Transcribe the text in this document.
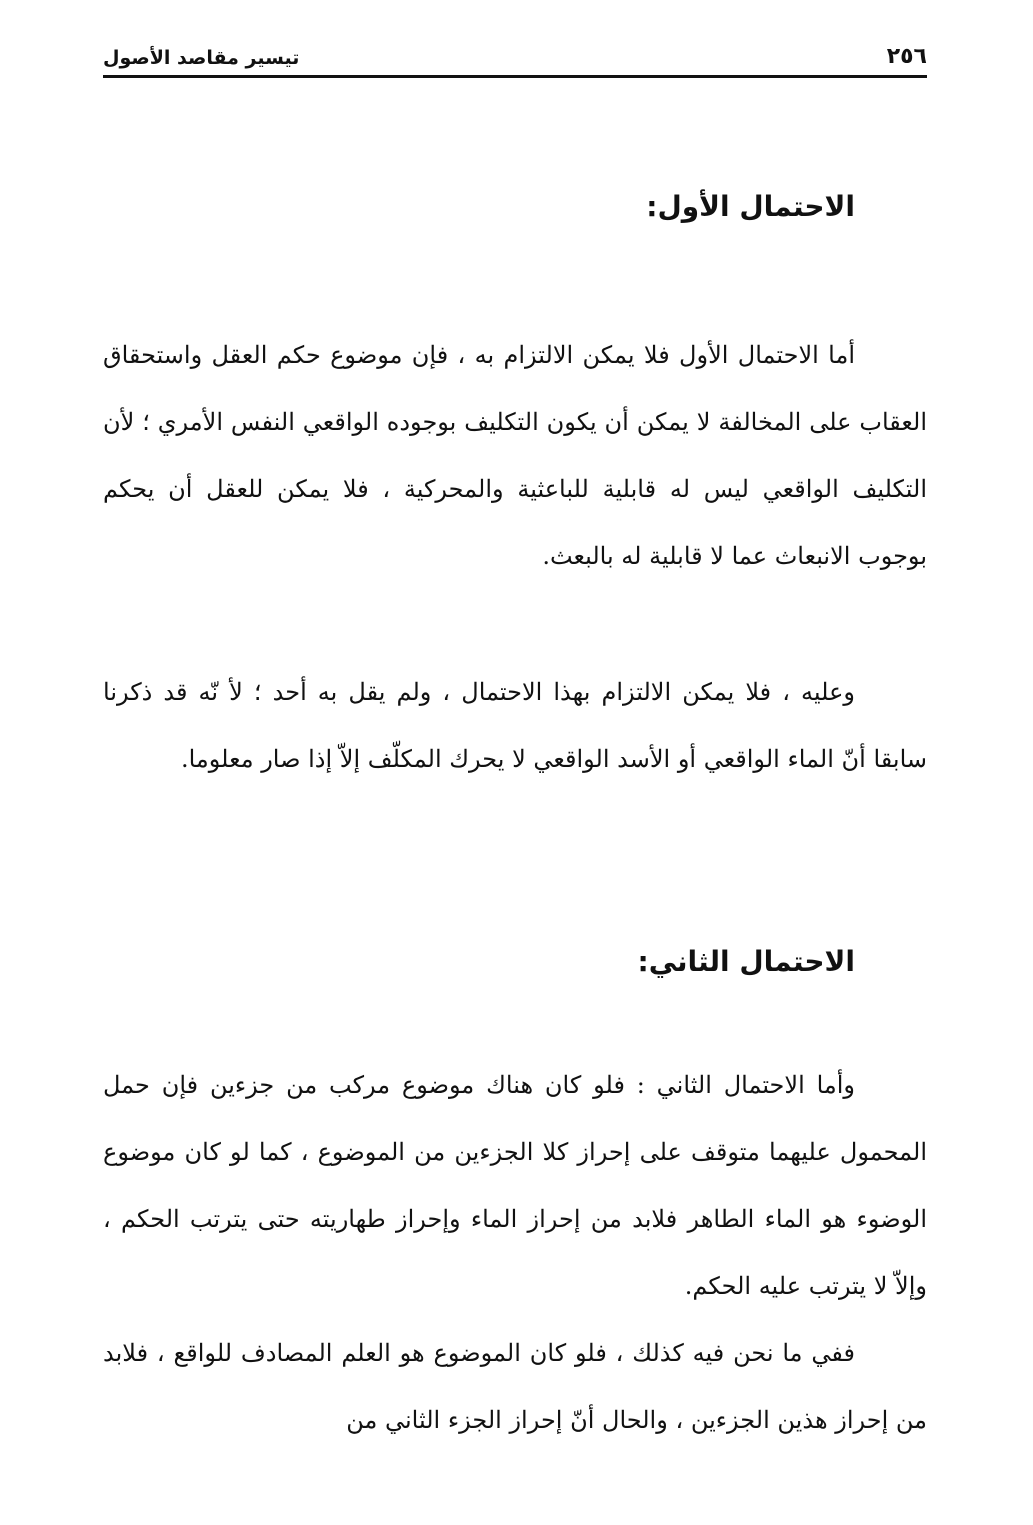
٢٥٦
تيسير مقاصد الأصول
الاحتمال الأول:

أما الاحتمال الأول فلا يمكن الالتزام به ، فإن موضوع حكم العقل واستحقاق العقاب على المخالفة لا يمكن أن يكون التكليف بوجوده الواقعي النفس الأمري ؛ لأن التكليف الواقعي ليس له قابلية للباعثية والمحركية ، فلا يمكن للعقل أن يحكم بوجوب الانبعاث عما لا قابلية له بالبعث.

وعليه ، فلا يمكن الالتزام بهذا الاحتمال ، ولم يقل به أحد ؛ لأ نّه قد ذكرنا سابقا أنّ الماء الواقعي أو الأسد الواقعي لا يحرك المكلّف إلاّ إذا صار معلوما.

الاحتمال الثاني:

وأما الاحتمال الثاني : فلو كان هناك موضوع مركب من جزءين فإن حمل المحمول عليهما متوقف على إحراز كلا الجزءين من الموضوع ، كما لو كان موضوع الوضوء هو الماء الطاهر فلابد من إحراز الماء وإحراز طهاريته حتى يترتب الحكم ، وإلاّ لا يترتب عليه الحكم.

ففي ما نحن فيه كذلك ، فلو كان الموضوع هو العلم المصادف للواقع ، فلابد من إحراز هذين الجزءين ، والحال أنّ إحراز الجزء الثاني من
